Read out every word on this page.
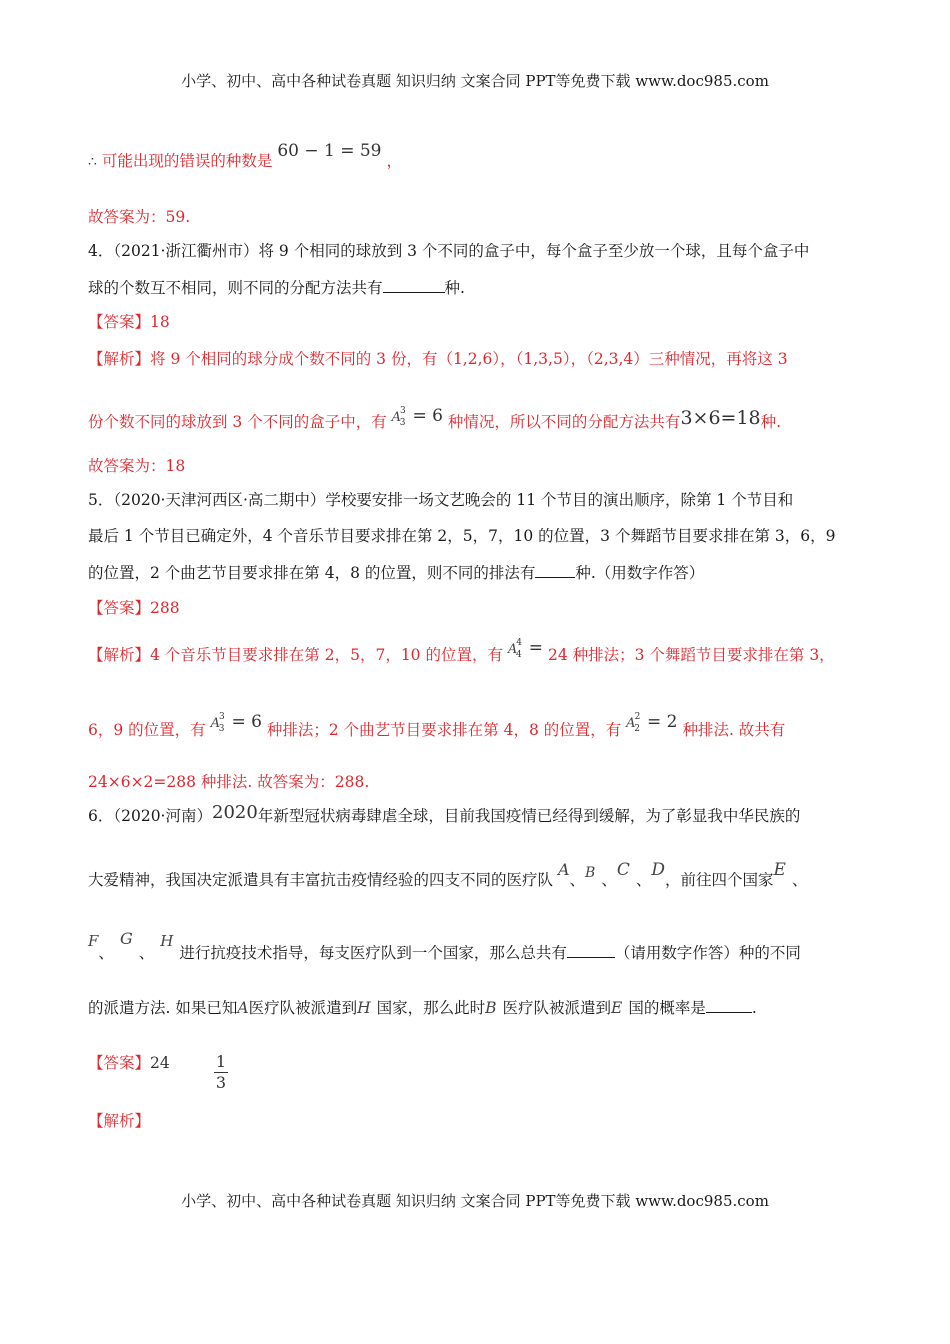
小学、初中、高中各种试卷真题 知识归纳 文案合同 PPT等免费下载 www.doc985.com
∴ 可能出现的错误的种数是 60 − 1 = 59 ，
故答案为：59.
4．（2021·浙江衢州市）将 9 个相同的球放到 3 个不同的盒子中，每个盒子至少放一个球，且每个盒子中
球的个数互不相同，则不同的分配方法共有	种.
【答案】18
【解析】将 9 个相同的球分成个数不同的 3 份，有（1,2,6），（1,3,5），（2,3,4）三种情况，再将这 3
份个数不同的球放到 3 个不同的盒子中，有 $A^3_3 = 6$ 种情况，所以不同的分配方法共有3×6=18种.
故答案为：18
5．（2020·天津河西区·高二期中）学校要安排一场文艺晚会的 11 个节目的演出顺序，除第 1 个节目和
最后 1 个节目已确定外，4 个音乐节目要求排在第 2，5，7，10 的位置，3 个舞蹈节目要求排在第 3，6，9
的位置，2 个曲艺节目要求排在第 4，8 的位置，则不同的排法有	种.（用数字作答）
【答案】288
【解析】4 个音乐节目要求排在第 2，5，7，10 的位置，有 $A^4_4 = 24$ 种排法；3 个舞蹈节目要求排在第 3，
6，9 的位置，有 $A^3_3 = 6$ 种排法；2 个曲艺节目要求排在第 4，8 的位置，有 $A^2_2 = 2$ 种排法. 故共有
24×6×2=288 种排法. 故答案为：288.
6．（2020·河南）2020年新型冠状病毒肆虐全球，目前我国疫情已经得到缓解，为了彰显我中华民族的
大爱精神，我国决定派遣具有丰富抗击疫情经验的四支不同的医疗队 A、B 、C 、D，前往四个国家E 、
F、G、H进行抗疫技术指导，每支医疗队到一个国家，那么总共有	（请用数字作答）种的不同
的派遣方法. 如果已知A医疗队被派遣到H 国家，那么此时B 医疗队被派遣到E 国的概率是	.
【答案】24	1
3
【解析】
小学、初中、高中各种试卷真题 知识归纳 文案合同 PPT等免费下载 www.doc985.com
